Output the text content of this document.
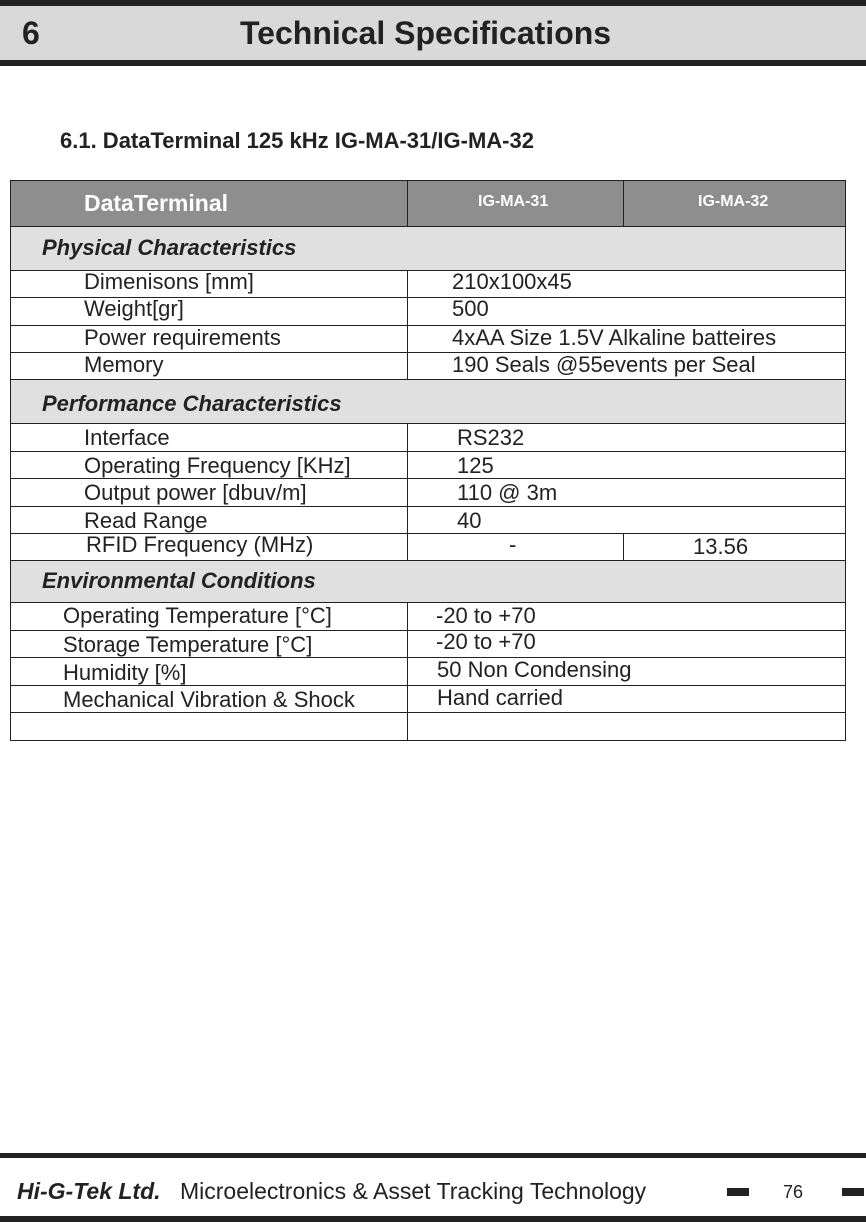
6	Technical Specifications
6.1. DataTerminal 125 kHz IG-MA-31/IG-MA-32
DataTerminal	IG-MA-31	IG-MA-32
Physical Characteristics
Dimenisons [mm]	210x100x45
Weight[gr]	500
Power requirements	4xAA Size 1.5V Alkaline batteires
Memory	190 Seals @55events per Seal
Performance Characteristics
Interface	RS232
Operating Frequency [KHz]	125
Output power [dbuv/m]	110 @ 3m
Read Range	40
RFID Frequency (MHz)	-	13.56
Environmental Conditions
Operating Temperature [°C]	-20 to +70
Storage Temperature [°C]	-20 to +70
Humidity [%]	50 Non Condensing
Mechanical Vibration & Shock	Hand carried
Hi-G-Tek Ltd. Microelectronics & Asset Tracking Technology	76
